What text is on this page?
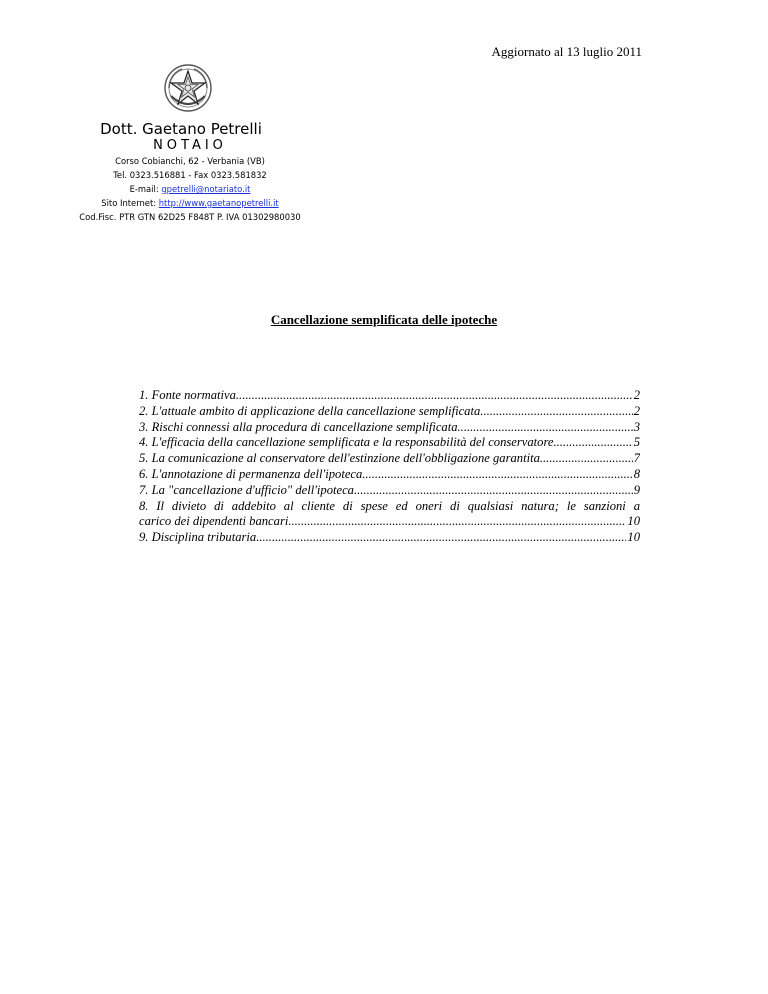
Aggiornato al 13 luglio 2011
Dott. Gaetano Petrelli
NOTAIO
Corso Cobianchi, 62 - Verbania (VB)
Tel. 0323.516881 - Fax 0323.581832
E-mail: gpetrelli@notariato.it
Sito Internet: http://www.gaetanopetrelli.it
Cod.Fisc. PTR GTN 62D25 F848T P. IVA 01302980030
Cancellazione semplificata delle ipoteche
1. Fonte normativa. .....	2
2. L'attuale ambito di applicazione della cancellazione semplificata. .....	2
3. Rischi connessi alla procedura di cancellazione semplificata. .....	3
4. L'efficacia della cancellazione semplificata e la responsabilità del conservatore. .....	5
5. La comunicazione al conservatore dell'estinzione dell'obbligazione garantita. .....	7
6. L'annotazione di permanenza dell'ipoteca. .....	8
7. La "cancellazione d'ufficio" dell'ipoteca. .....	9
8. Il divieto di addebito al cliente di spese ed oneri di qualsiasi natura; le sanzioni a
carico dei dipendenti bancari. .....	10
9. Disciplina tributaria. .....	10
